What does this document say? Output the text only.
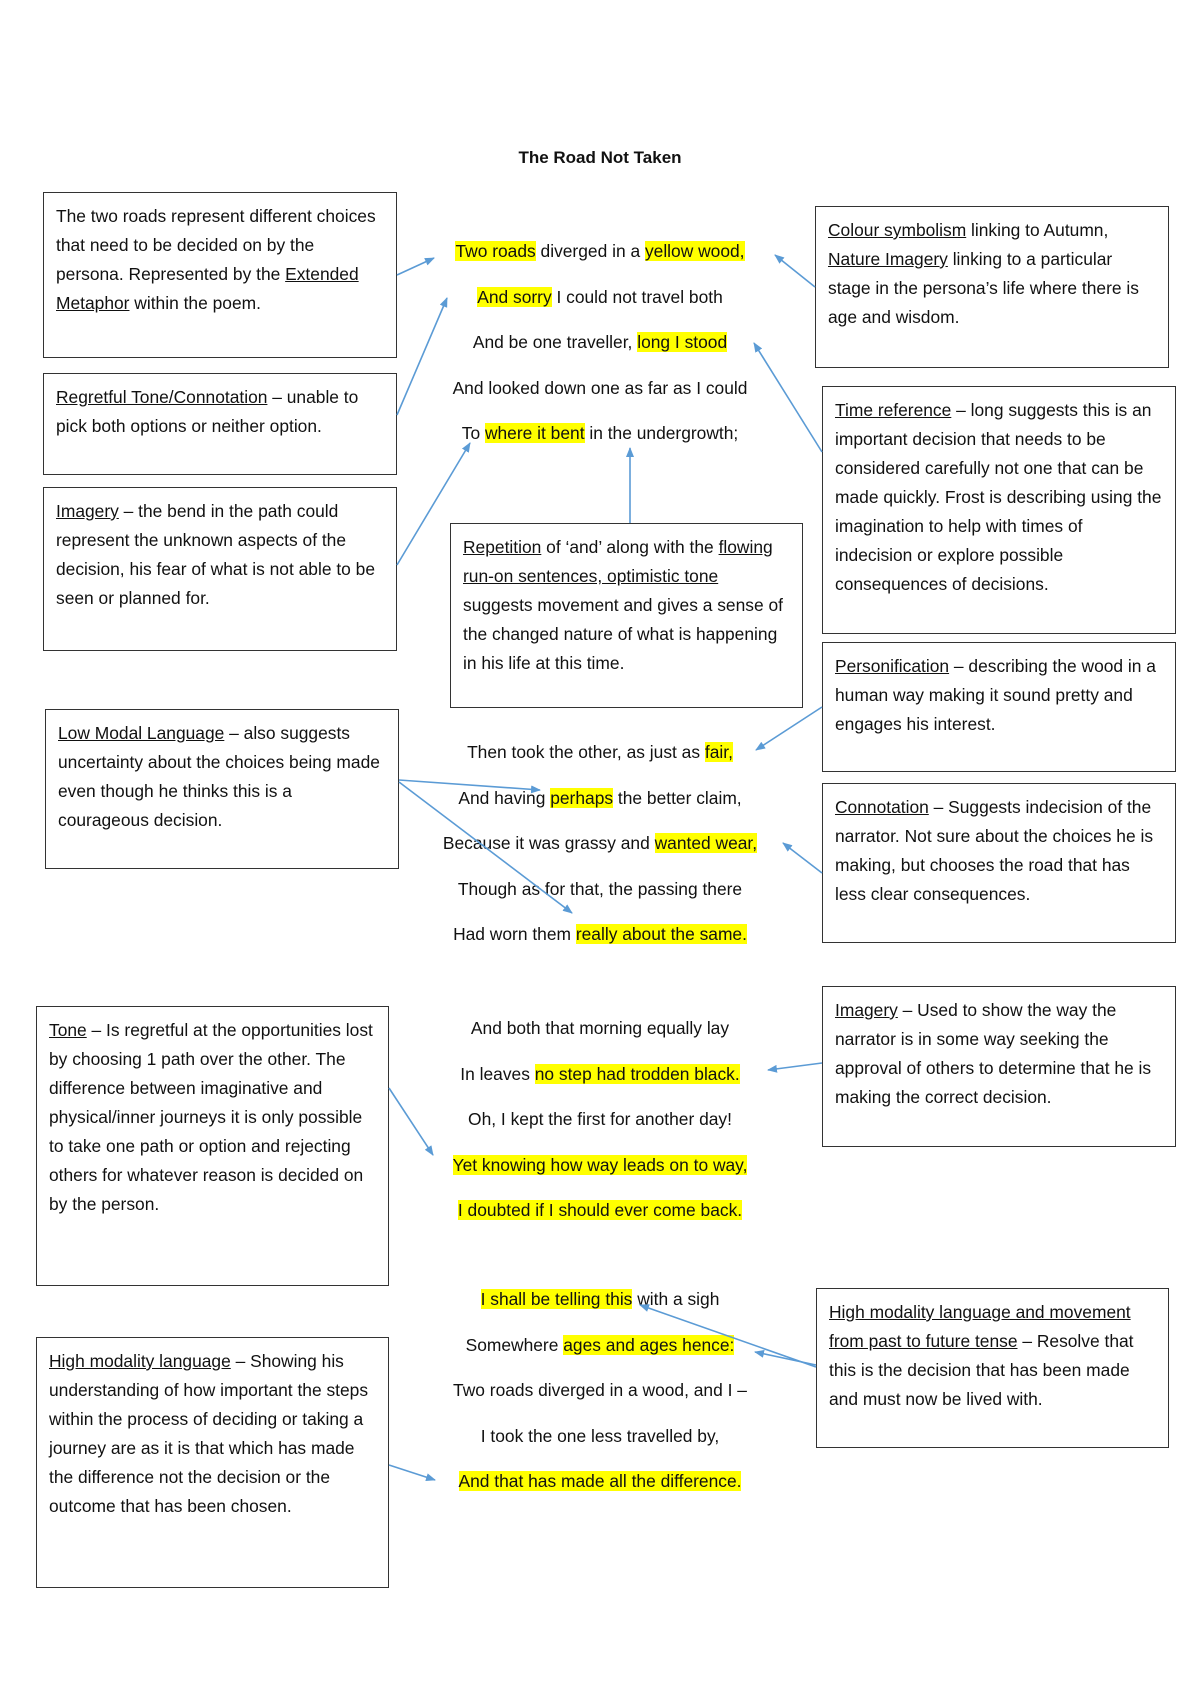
The Road Not Taken
Two roads diverged in a yellow wood,
And sorry I could not travel both
And be one traveller, long I stood
And looked down one as far as I could
To where it bent in the undergrowth;
Then took the other, as just as fair,
And having perhaps the better claim,
Because it was grassy and wanted wear,
Though as for that, the passing there
Had worn them really about the same.
And both that morning equally lay
In leaves no step had trodden black.
Oh, I kept the first for another day!
Yet knowing how way leads on to way,
I doubted if I should ever come back.
I shall be telling this with a sigh
Somewhere ages and ages hence:
Two roads diverged in a wood, and I –
I took the one less travelled by,
And that has made all the difference.
The two roads represent different choices that need to be decided on by the persona. Represented by the Extended Metaphor within the poem.
Regretful Tone/Connotation – unable to pick both options or neither option.
Imagery – the bend in the path could represent the unknown aspects of the decision, his fear of what is not able to be seen or planned for.
Low Modal Language – also suggests uncertainty about the choices being made even though he thinks this is a courageous decision.
Tone – Is regretful at the opportunities lost by choosing 1 path over the other. The difference between imaginative and physical/inner journeys it is only possible to take one path or option and rejecting others for whatever reason is decided on by the person.
High modality language – Showing his understanding of how important the steps within the process of deciding or taking a journey are as it is that which has made the difference not the decision or the outcome that has been chosen.
Repetition of ‘and’ along with the flowing run-on sentences, optimistic tone suggests movement and gives a sense of the changed nature of what is happening in his life at this time.
Colour symbolism linking to Autumn, Nature Imagery linking to a particular stage in the persona’s life where there is age and wisdom.
Time reference – long suggests this is an important decision that needs to be considered carefully not one that can be made quickly. Frost is describing using the imagination to help with times of indecision or explore possible consequences of decisions.
Personification – describing the wood in a human way making it sound pretty and engages his interest.
Connotation – Suggests indecision of the narrator. Not sure about the choices he is making, but chooses the road that has less clear consequences.
Imagery – Used to show the way the narrator is in some way seeking the approval of others to determine that he is making the correct decision.
High modality language and movement from past to future tense – Resolve that this is the decision that has been made and must now be lived with.
